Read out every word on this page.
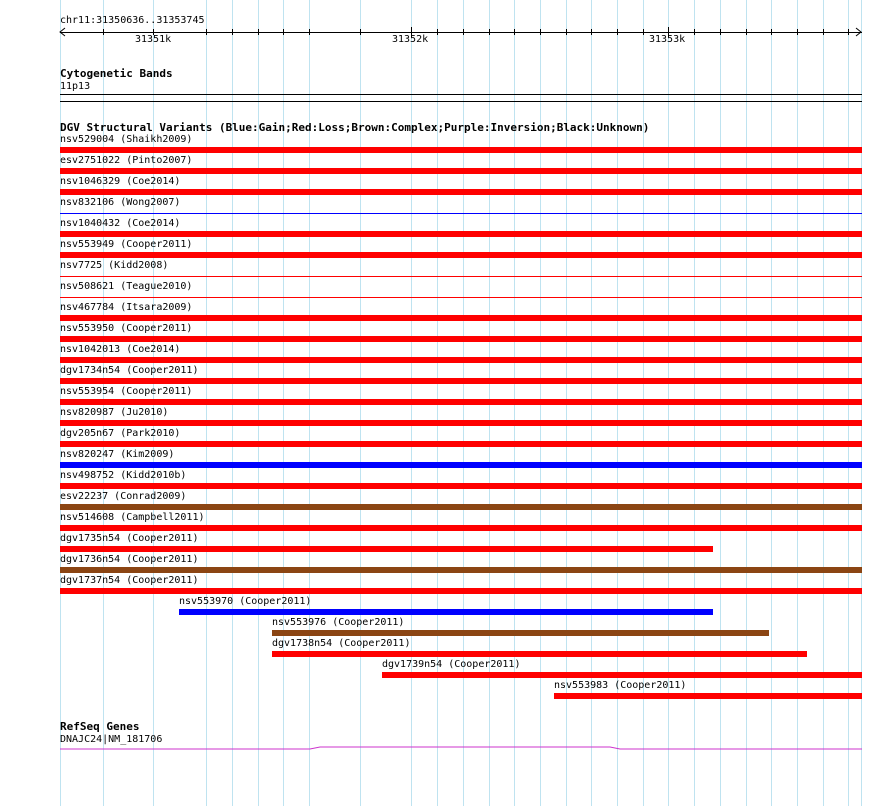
chr11:31350636..31353745
31351k	31352k	31353k
Cytogenetic Bands
11p13
DGV Structural Variants (Blue:Gain;Red:Loss;Brown:Complex;Purple:Inversion;Black:Unknown)
nsv529004 (Shaikh2009)
esv2751022 (Pinto2007)
nsv1046329 (Coe2014)
nsv832106 (Wong2007)
nsv1040432 (Coe2014)
nsv553949 (Cooper2011)
nsv7725 (Kidd2008)
nsv508621 (Teague2010)
nsv467784 (Itsara2009)
nsv553950 (Cooper2011)
nsv1042013 (Coe2014)
dgv1734n54 (Cooper2011)
nsv553954 (Cooper2011)
nsv820987 (Ju2010)
dgv205n67 (Park2010)
nsv820247 (Kim2009)
nsv498752 (Kidd2010b)
esv22237 (Conrad2009)
nsv514608 (Campbell2011)
dgv1735n54 (Cooper2011)
dgv1736n54 (Cooper2011)
dgv1737n54 (Cooper2011)
nsv553970 (Cooper2011)
nsv553976 (Cooper2011)
dgv1738n54 (Cooper2011)
dgv1739n54 (Cooper2011)
nsv553983 (Cooper2011)
RefSeq Genes
DNAJC24|NM_181706
